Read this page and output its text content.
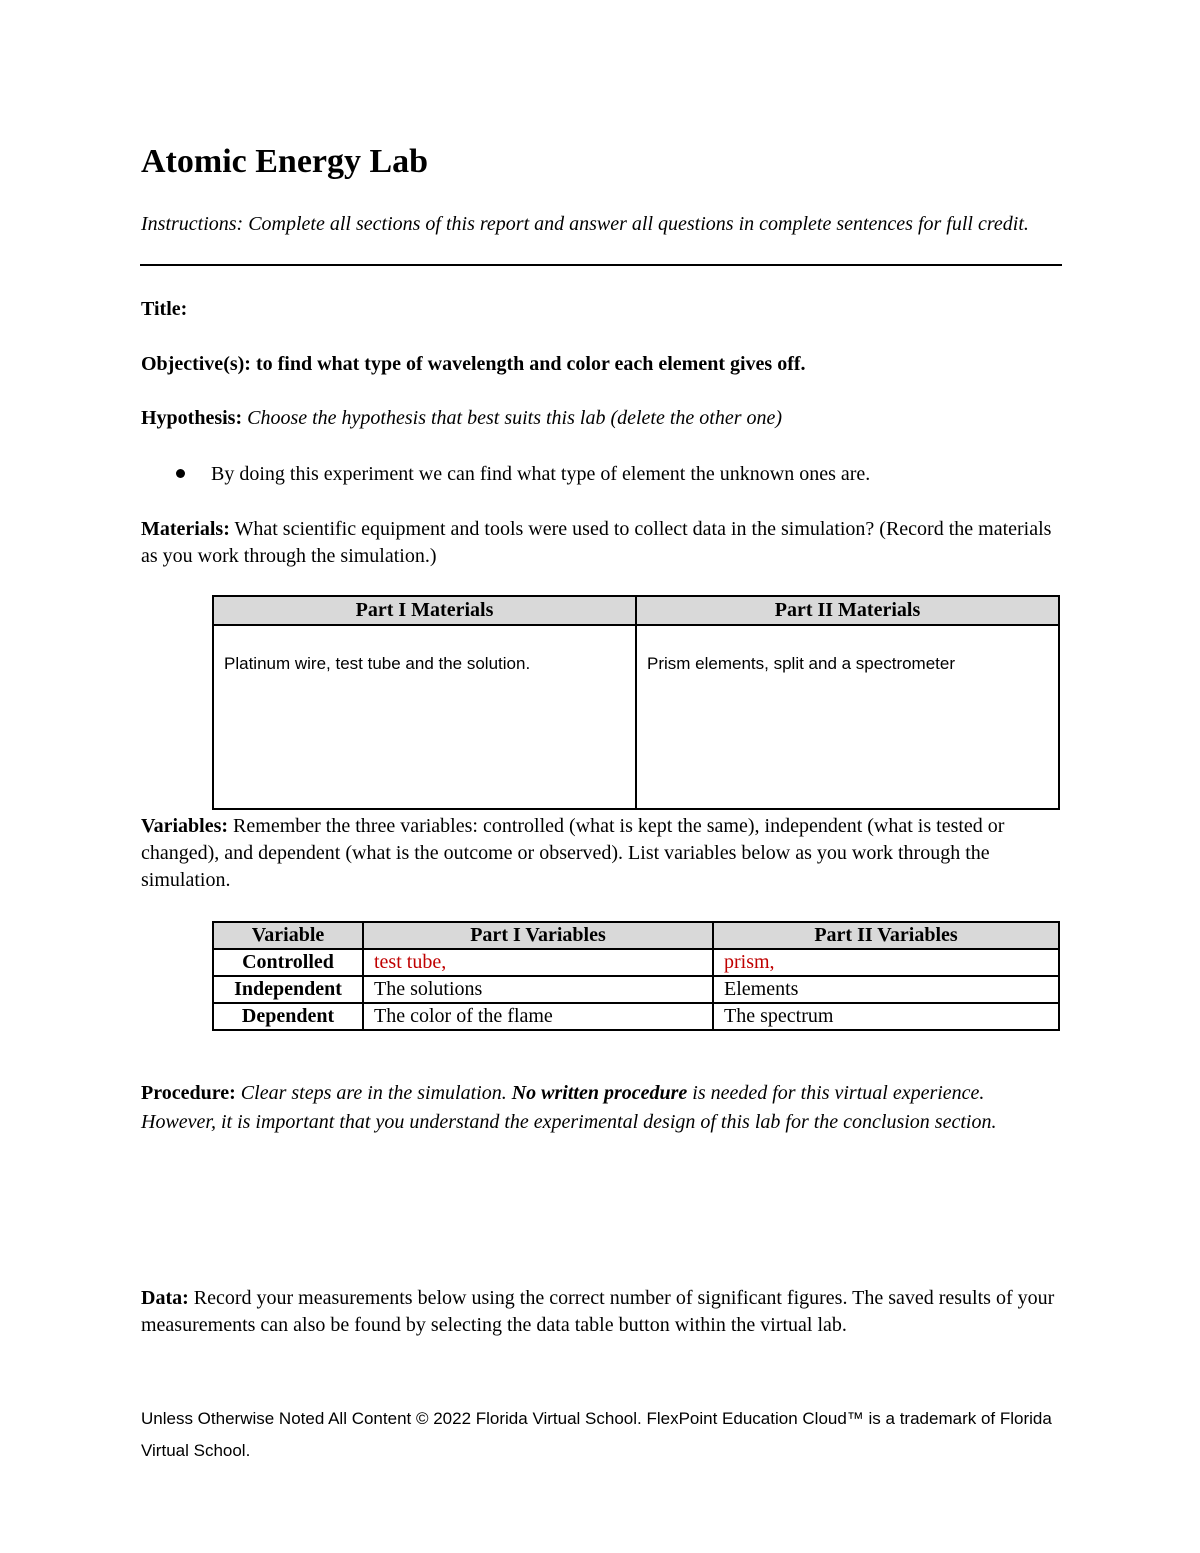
Atomic Energy Lab
Instructions: Complete all sections of this report and answer all questions in complete sentences for full credit.
Title:
Objective(s): to find what type of wavelength and color each element gives off.
Hypothesis: Choose the hypothesis that best suits this lab (delete the other one)
By doing this experiment we can find what type of element the unknown ones are.
Materials: What scientific equipment and tools were used to collect data in the simulation? (Record the materials as you work through the simulation.)
Part I Materials	Part II Materials
Platinum wire, test tube and the solution.	Prism elements, split and a spectrometer
Variables: Remember the three variables: controlled (what is kept the same), independent (what is tested or changed), and dependent (what is the outcome or observed). List variables below as you work through the simulation.
Variable	Part I Variables	Part II Variables
Controlled	test tube,	prism,
Independent	The solutions	Elements
Dependent	The color of the flame	The spectrum
Procedure: Clear steps are in the simulation. No written procedure is needed for this virtual experience. However, it is important that you understand the experimental design of this lab for the conclusion section.
Data: Record your measurements below using the correct number of significant figures. The saved results of your measurements can also be found by selecting the data table button within the virtual lab.
Unless Otherwise Noted All Content © 2022 Florida Virtual School. FlexPoint Education Cloud™ is a trademark of Florida Virtual School.
